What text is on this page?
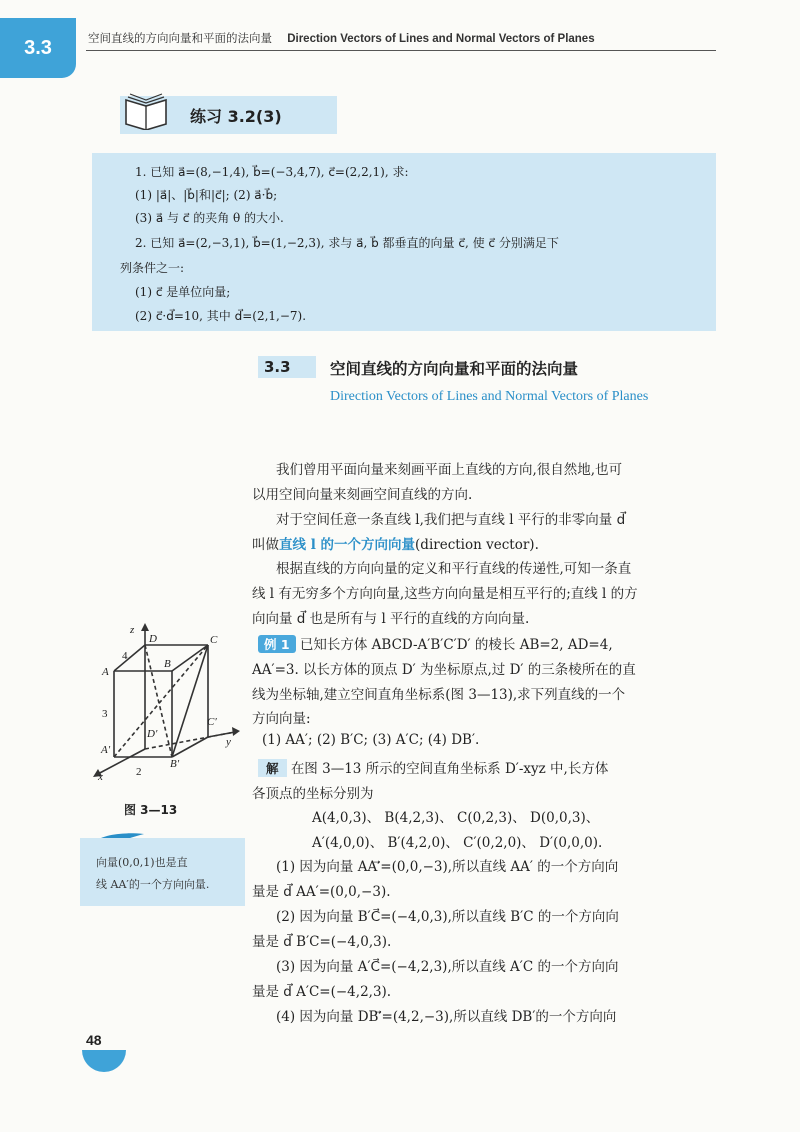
3.3	空间直线的方向向量和平面的法向量 Direction Vectors of Lines and Normal Vectors of Planes
练习 3.2(3)
1. 已知 a⃗=(8,−1,4), b⃗=(−3,4,7), c⃗=(2,2,1), 求:
(1) |a⃗|、|b⃗|和|c⃗|; (2) a⃗·b⃗;
(3) a⃗ 与 c⃗ 的夹角 θ 的大小.
2. 已知 a⃗=(2,−3,1), b⃗=(1,−2,3), 求与 a⃗, b⃗ 都垂直的向量 c⃗, 使 c⃗ 分别满足下
列条件之一:
(1) c⃗ 是单位向量;
(2) c⃗·d⃗=10, 其中 d⃗=(2,1,−7).
3.3	空间直线的方向向量和平面的法向量
Direction Vectors of Lines and Normal Vectors of Planes
我们曾用平面向量来刻画平面上直线的方向,很自然地,也可
以用空间向量来刻画空间直线的方向.
对于空间任意一条直线 l,我们把与直线 l 平行的非零向量 d⃗
叫做直线 l 的一个方向向量(direction vector).
根据直线的方向向量的定义和平行直线的传递性,可知一条直
线 l 有无穷多个方向向量,这些方向向量是相互平行的;直线 l 的方
向向量 d⃗ 也是所有与 l 平行的直线的方向向量.
例 1 已知长方体 ABCD-A′B′C′D′ 的棱长 AB=2, AD=4,
AA′=3. 以长方体的顶点 D′ 为坐标原点,过 D′ 的三条棱所在的直
线为坐标轴,建立空间直角坐标系(图 3—13),求下列直线的一个
方向向量:
(1) AA′; (2) B′C; (3) A′C; (4) DB′.
解 在图 3—13 所示的空间直角坐标系 D′-xyz 中,长方体
各顶点的坐标分别为
A(4,0,3)、 B(4,2,3)、 C(0,2,3)、 D(0,0,3)、
A′(4,0,0)、 B′(4,2,0)、 C′(0,2,0)、 D′(0,0,0).
(1) 因为向量 AA′⃗=(0,0,−3),所以直线 AA′ 的一个方向向
量是 d⃗ AA′=(0,0,−3).
(2) 因为向量 B′C⃗=(−4,0,3),所以直线 B′C 的一个方向向
量是 d⃗ B′C=(−4,0,3).
(3) 因为向量 A′C⃗=(−4,2,3),所以直线 A′C 的一个方向向
量是 d⃗ A′C=(−4,2,3).
(4) 因为向量 DB′⃗=(4,2,−3),所以直线 DB′的一个方向向
z
D	C
4
A
B
3
C′
D′
y
A′
B′
x	2
图 3—13
向量(0,0,1)也是直
线 AA′的一个方向向量.
48
